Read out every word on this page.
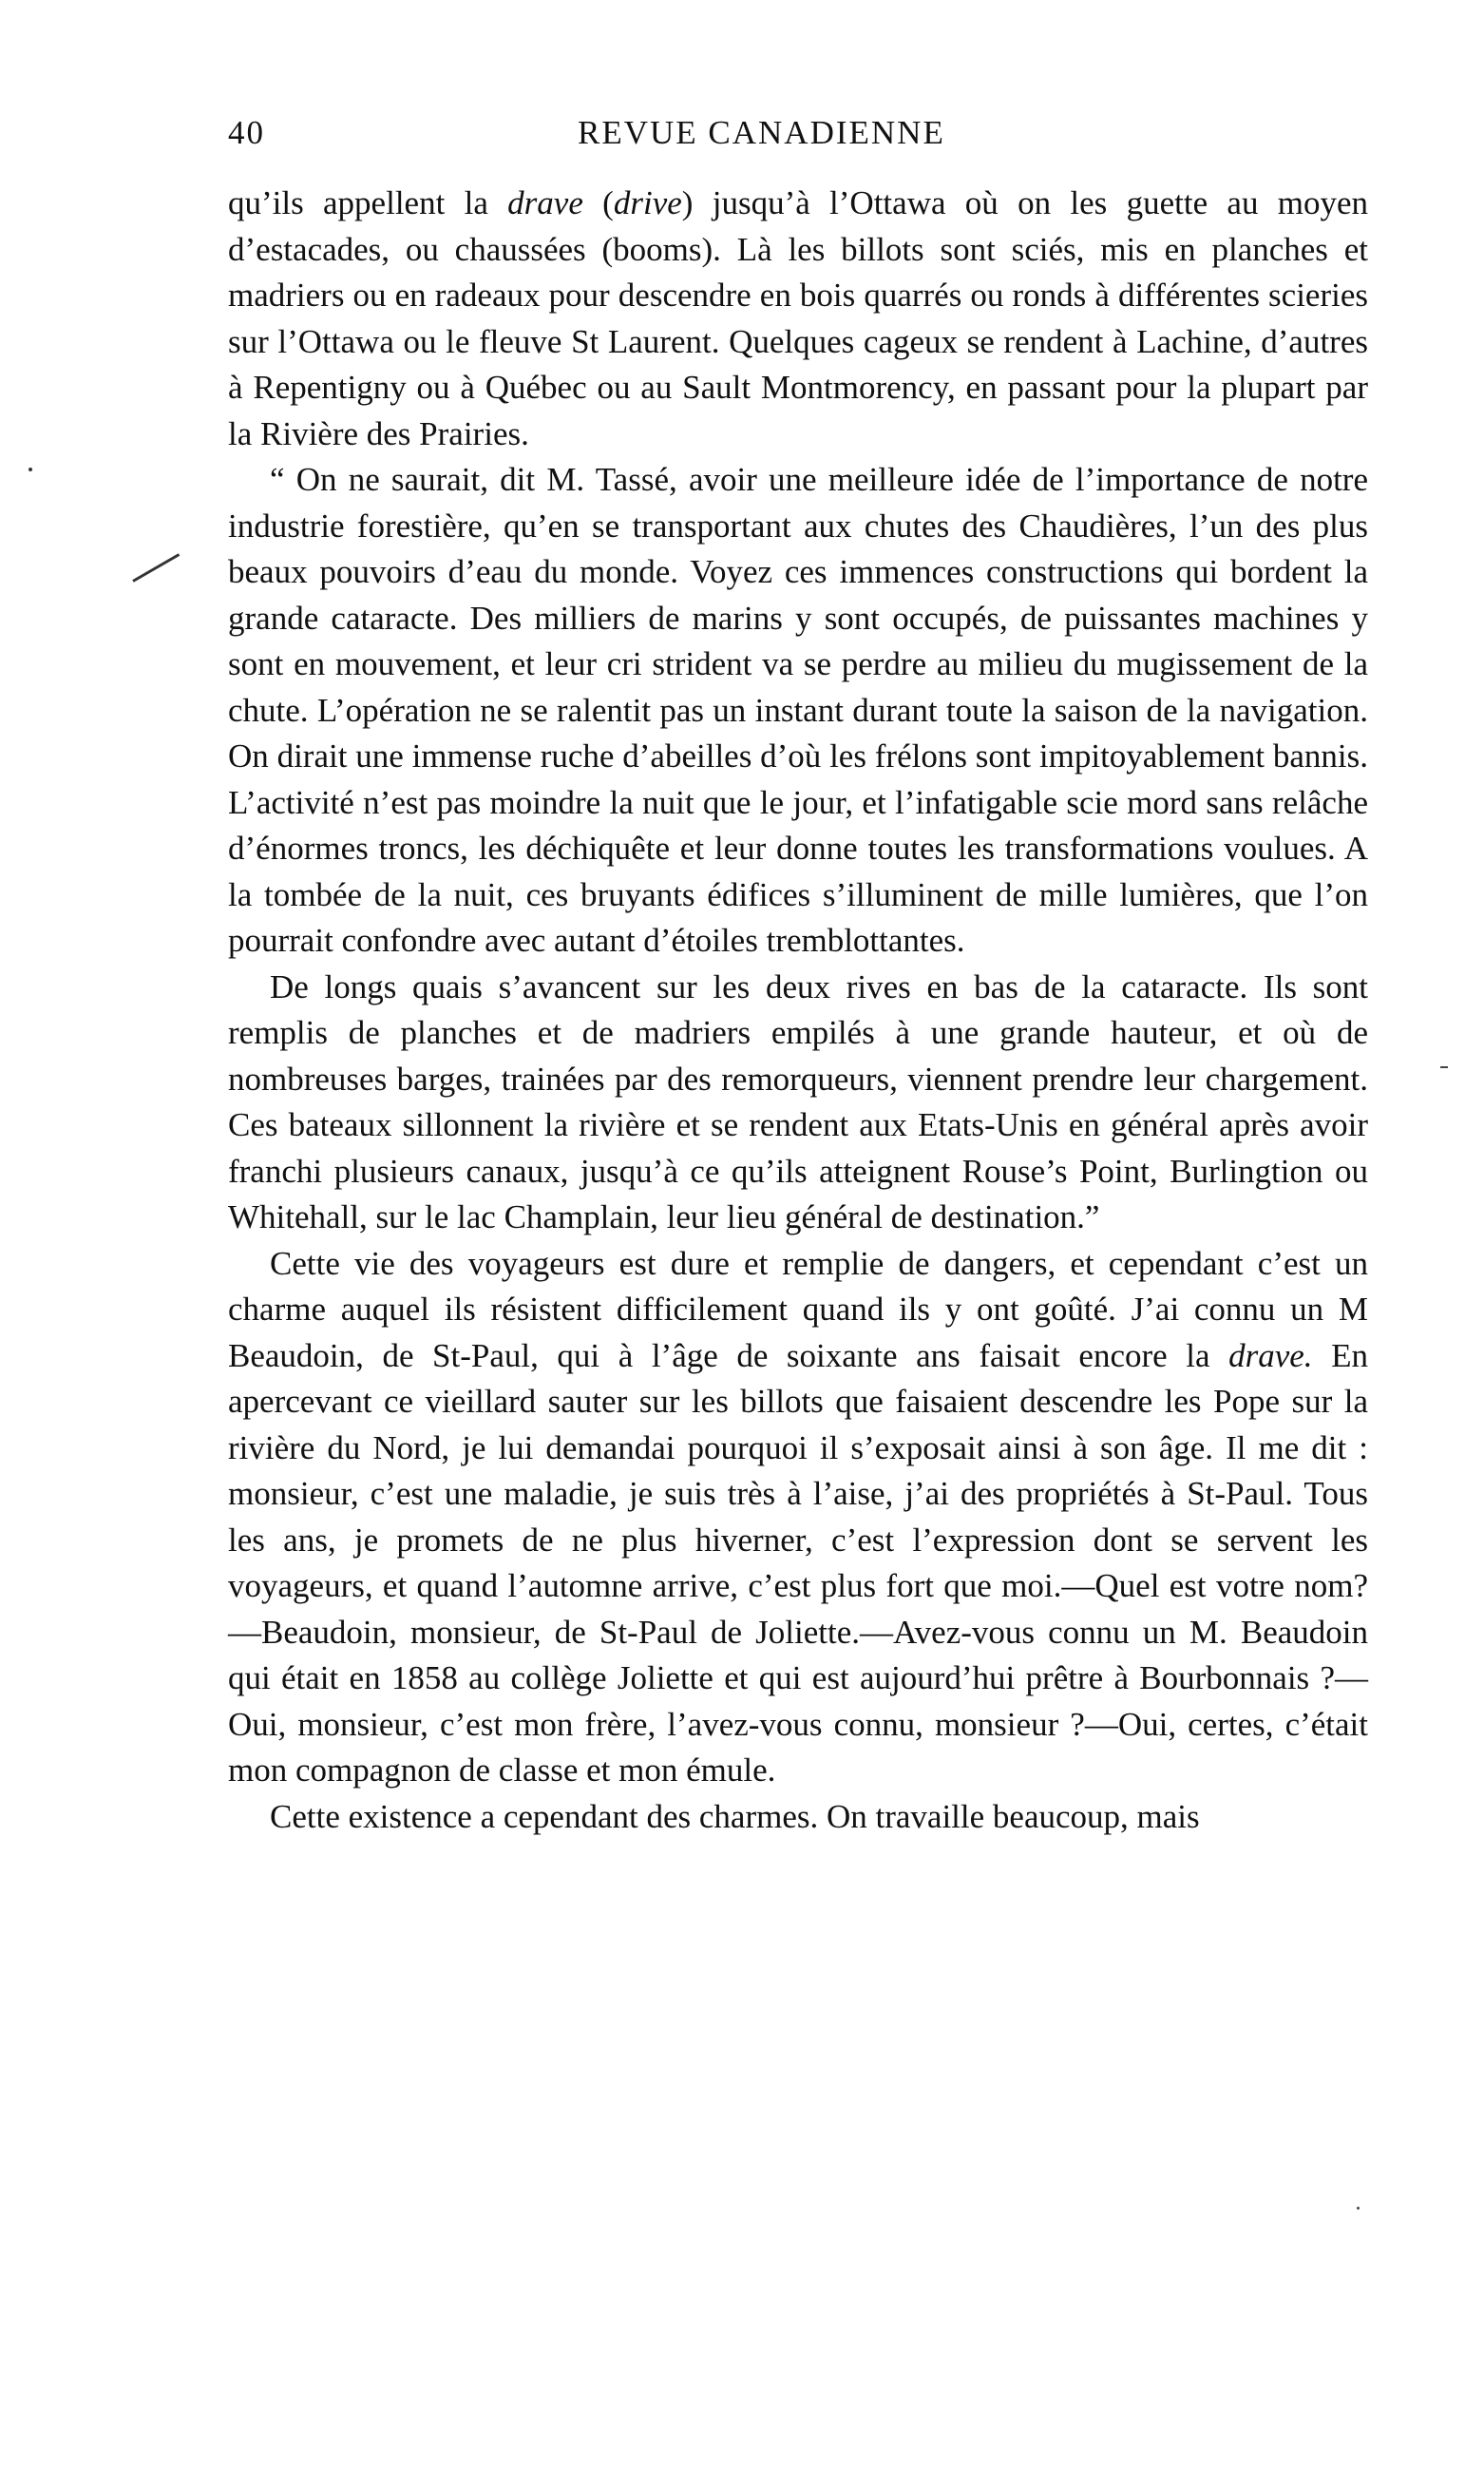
40	REVUE CANADIENNE

qu’ils appellent la drave (drive) jusqu’à l’Ottawa où on les guette au moyen d’estacades, ou chaussées (booms). Là les billots sont sciés, mis en planches et madriers ou en radeaux pour descendre en bois quarrés ou ronds à différentes scieries sur l’Ottawa ou le fleuve St Laurent. Quelques cageux se rendent à Lachine, d’autres à Repentigny ou à Québec ou au Sault Montmorency, en passant pour la plupart par la Rivière des Prairies.

“ On ne saurait, dit M. Tassé, avoir une meilleure idée de l’importance de notre industrie forestière, qu’en se transportant aux chutes des Chaudières, l’un des plus beaux pouvoirs d’eau du monde. Voyez ces immences constructions qui bordent la grande cataracte. Des milliers de marins y sont occupés, de puissantes machines y sont en mouvement, et leur cri strident va se perdre au milieu du mugissement de la chute. L’opération ne se ralentit pas un instant durant toute la saison de la navigation. On dirait une immense ruche d’abeilles d’où les frélons sont impitoyablement bannis. L’activité n’est pas moindre la nuit que le jour, et l’infatigable scie mord sans relâche d’énormes troncs, les déchiquête et leur donne toutes les transformations voulues. A la tombée de la nuit, ces bruyants édifices s’illuminent de mille lumières, que l’on pourrait confondre avec autant d’étoiles tremblottantes.

De longs quais s’avancent sur les deux rives en bas de la cataracte. Ils sont remplis de planches et de madriers empilés à une grande hauteur, et où de nombreuses barges, trainées par des remorqueurs, viennent prendre leur chargement. Ces bateaux sillonnent la rivière et se rendent aux Etats-Unis en général après avoir franchi plusieurs canaux, jusqu’à ce qu’ils atteignent Rouse’s Point, Burlingtion ou Whitehall, sur le lac Champlain, leur lieu général de destination.”

Cette vie des voyageurs est dure et remplie de dangers, et cependant c’est un charme auquel ils résistent difficilement quand ils y ont goûté. J’ai connu un M Beaudoin, de St-Paul, qui à l’âge de soixante ans faisait encore la drave. En apercevant ce vieillard sauter sur les billots que faisaient descendre les Pope sur la rivière du Nord, je lui demandai pourquoi il s’exposait ainsi à son âge. Il me dit : monsieur, c’est une maladie, je suis très à l’aise, j’ai des propriétés à St-Paul. Tous les ans, je promets de ne plus hiverner, c’est l’expression dont se servent les voyageurs, et quand l’automne arrive, c’est plus fort que moi.—Quel est votre nom?—Beaudoin, monsieur, de St-Paul de Joliette.—Avez-vous connu un M. Beaudoin qui était en 1858 au collège Joliette et qui est aujourd’hui prêtre à Bourbonnais ?—Oui, monsieur, c’est mon frère, l’avez-vous connu, monsieur ?—Oui, certes, c’était mon compagnon de classe et mon émule.

Cette existence a cependant des charmes. On travaille beaucoup, mais
